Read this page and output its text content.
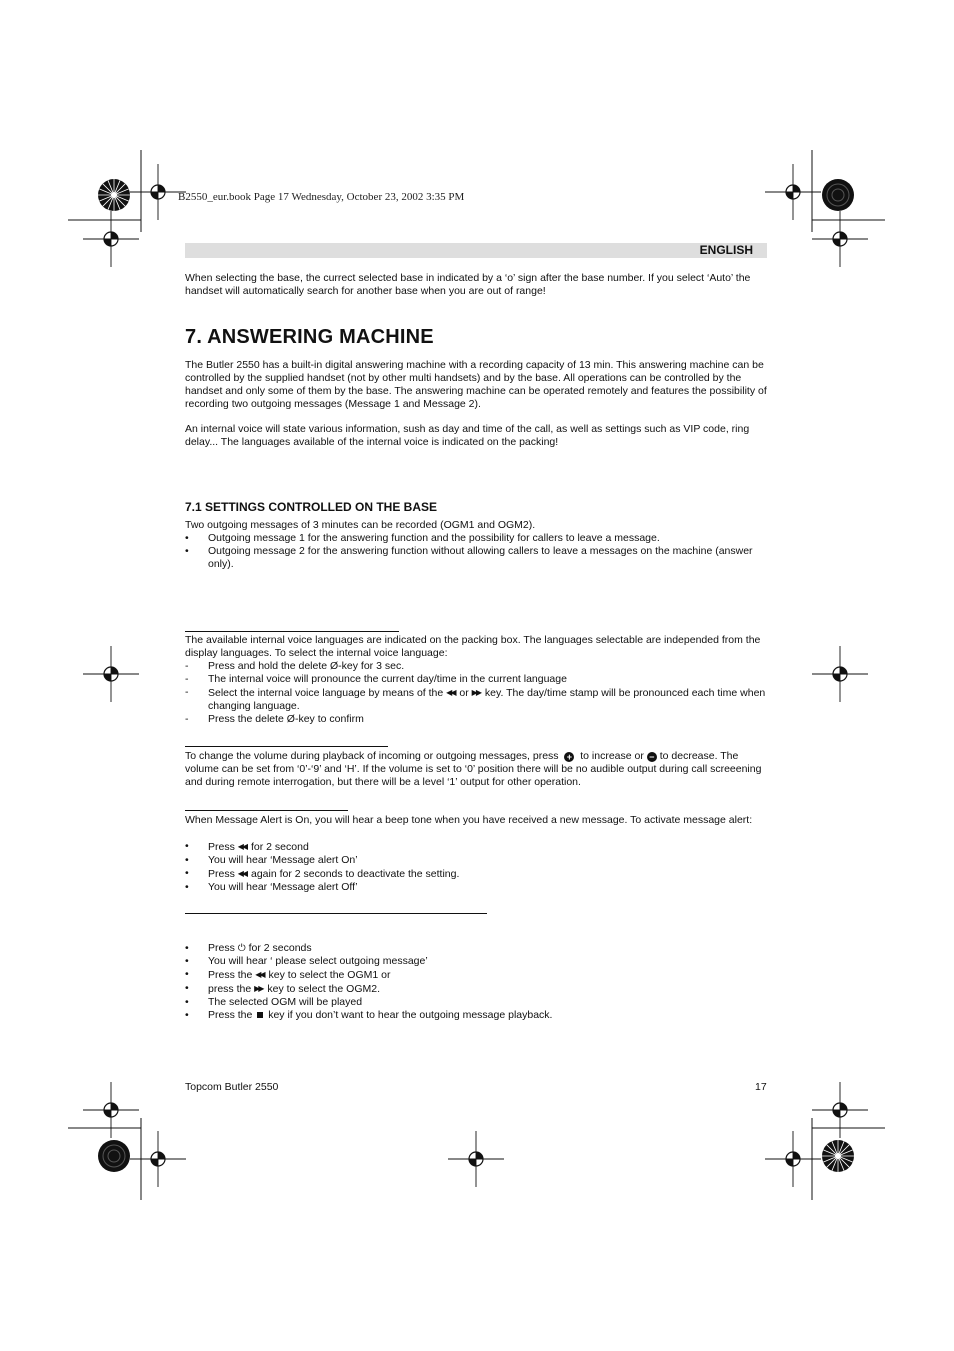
B2550_eur.book Page 17 Wednesday, October 23, 2002 3:35 PM
ENGLISH

When selecting the base, the currect selected base in indicated by a ‘o’ sign after the base number. If you select ‘Auto’ the handset will automatically search for another base when you are out of range!

7. ANSWERING MACHINE

The Butler 2550 has a built-in digital answering machine with a recording capacity of 13 min. This answering machine can be controlled by the supplied handset (not by other multi handsets) and by the base. All operations can be controlled by the handset and only some of them by the base. The answering machine can be operated remotely and features the possibility of recording two outgoing messages (Message 1 and Message 2).

An internal voice will state various information, sush as day and time of the call, as well as settings such as VIP code, ring delay... The languages available of the internal voice is indicated on the packing!

7.1 SETTINGS CONTROLLED ON THE BASE

Two outgoing messages of 3 minutes can be recorded (OGM1 and OGM2).

•	Outgoing message 1 for the answering function and the possibility for callers to leave a message.
•	Outgoing message 2 for the answering function without allowing callers to leave a messages on the machine (answer only).

The available internal voice languages are indicated on the packing box. The languages selectable are independed from the display languages. To select the internal voice language:

-	Press and hold the delete Ø-key for 3 sec.
-	The internal voice will pronounce the current day/time in the current language
-	Select the internal voice language by means of the ◀◀ or ▶▶ key. The day/time stamp will be pronounced each time when changing language.
-	Press the delete Ø-key to confirm

To change the volume during playback of incoming or outgoing messages, press + to increase or − to decrease. The volume can be set from ‘0’-‘9’ and ‘H’. If the volume is set to ‘0’ position there will be no audible output during call screeening and during remote interrogation, but there will be a level ‘1’ output for other operation.

When Message Alert is On, you will hear a beep tone when you have received a new message. To activate message alert:

•	Press ◀◀ for 2 second
•	You will hear ‘Message alert On’
•	Press ◀◀ again for 2 seconds to deactivate the setting.
•	You will hear ‘Message alert Off’
•	Press ⏻ for 2 seconds
•	You will hear ‘ please select outgoing message’
•	Press the ◀◀ key to select the OGM1 or
•	press the ▶▶ key to select the OGM2.
•	The selected OGM will be played
•	Press the key if you don’t want to hear the outgoing message playback.
Topcom Butler 2550	17
